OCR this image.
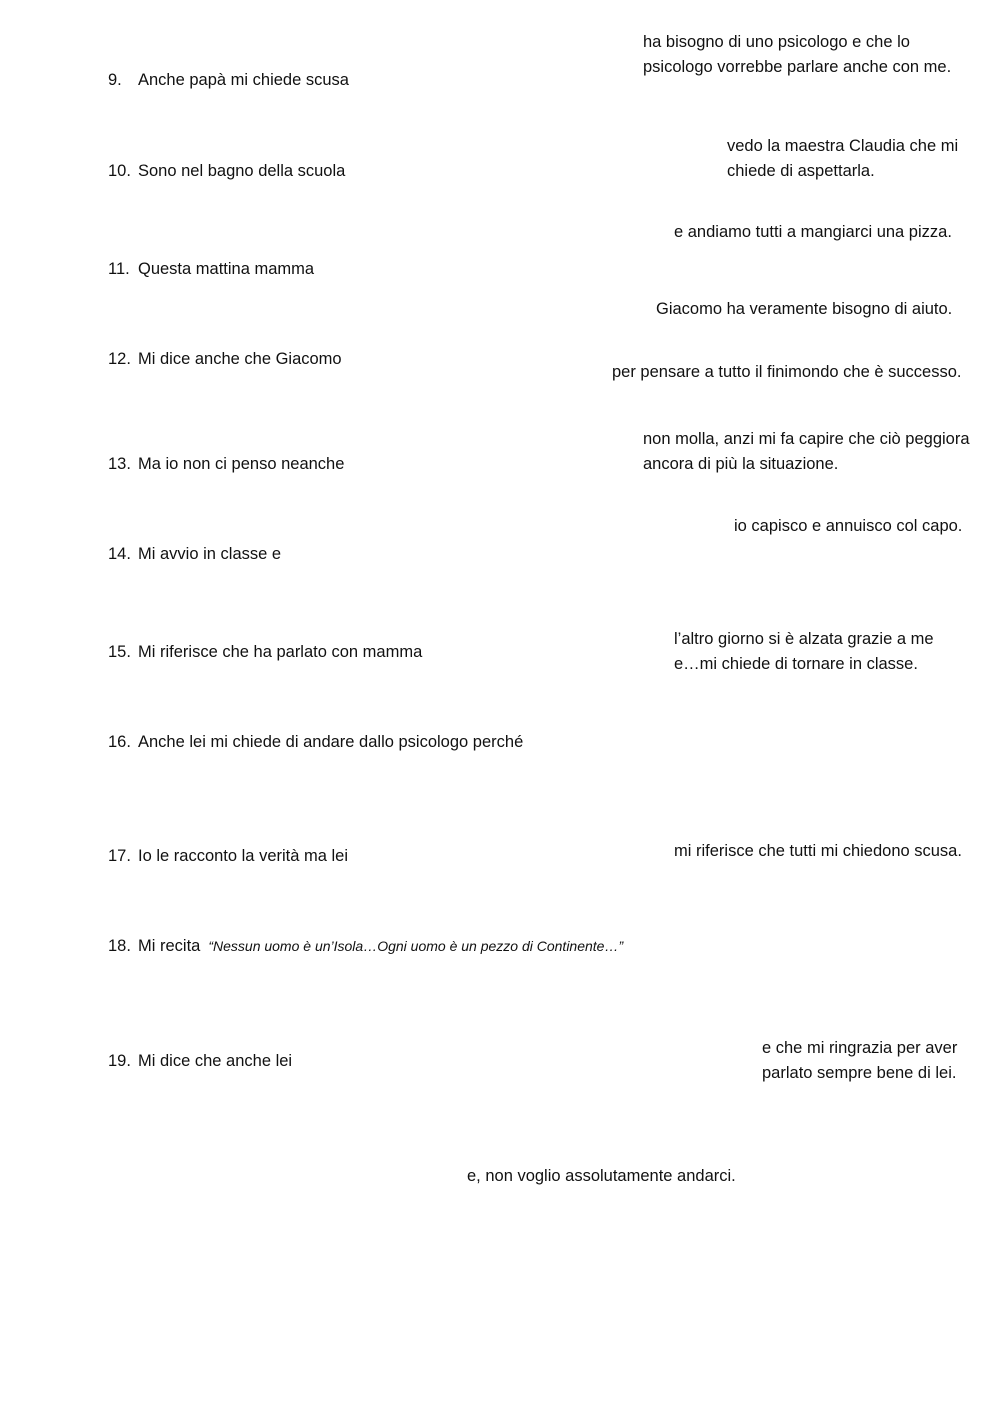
9. Anche papà mi chiede scusa
10. Sono nel bagno della scuola
11. Questa mattina mamma
12. Mi dice anche che Giacomo
13. Ma io non ci penso neanche
14. Mi avvio in classe e
15. Mi riferisce che ha parlato con mamma
16. Anche lei mi chiede di andare dallo psicologo perché
17. Io le racconto la verità ma lei
18. Mi recita “Nessun uomo è un’Isola…Ogni uomo è un pezzo di Continente…”
19. Mi dice che anche lei
ha bisogno di uno psicologo e che lo
psicologo vorrebbe parlare anche con me.
vedo la maestra Claudia che mi
chiede di aspettarla.
e andiamo tutti a mangiarci una pizza.
Giacomo ha veramente bisogno di aiuto.
per pensare a tutto il finimondo che è successo.
non molla, anzi mi fa capire che ciò peggiora
ancora di più la situazione.
io capisco e annuisco col capo.
l’altro giorno si è alzata grazie a me
e…mi chiede di tornare in classe.
mi riferisce che tutti mi chiedono scusa.
e che mi ringrazia per aver
parlato sempre bene di lei.
e, non voglio assolutamente andarci.
